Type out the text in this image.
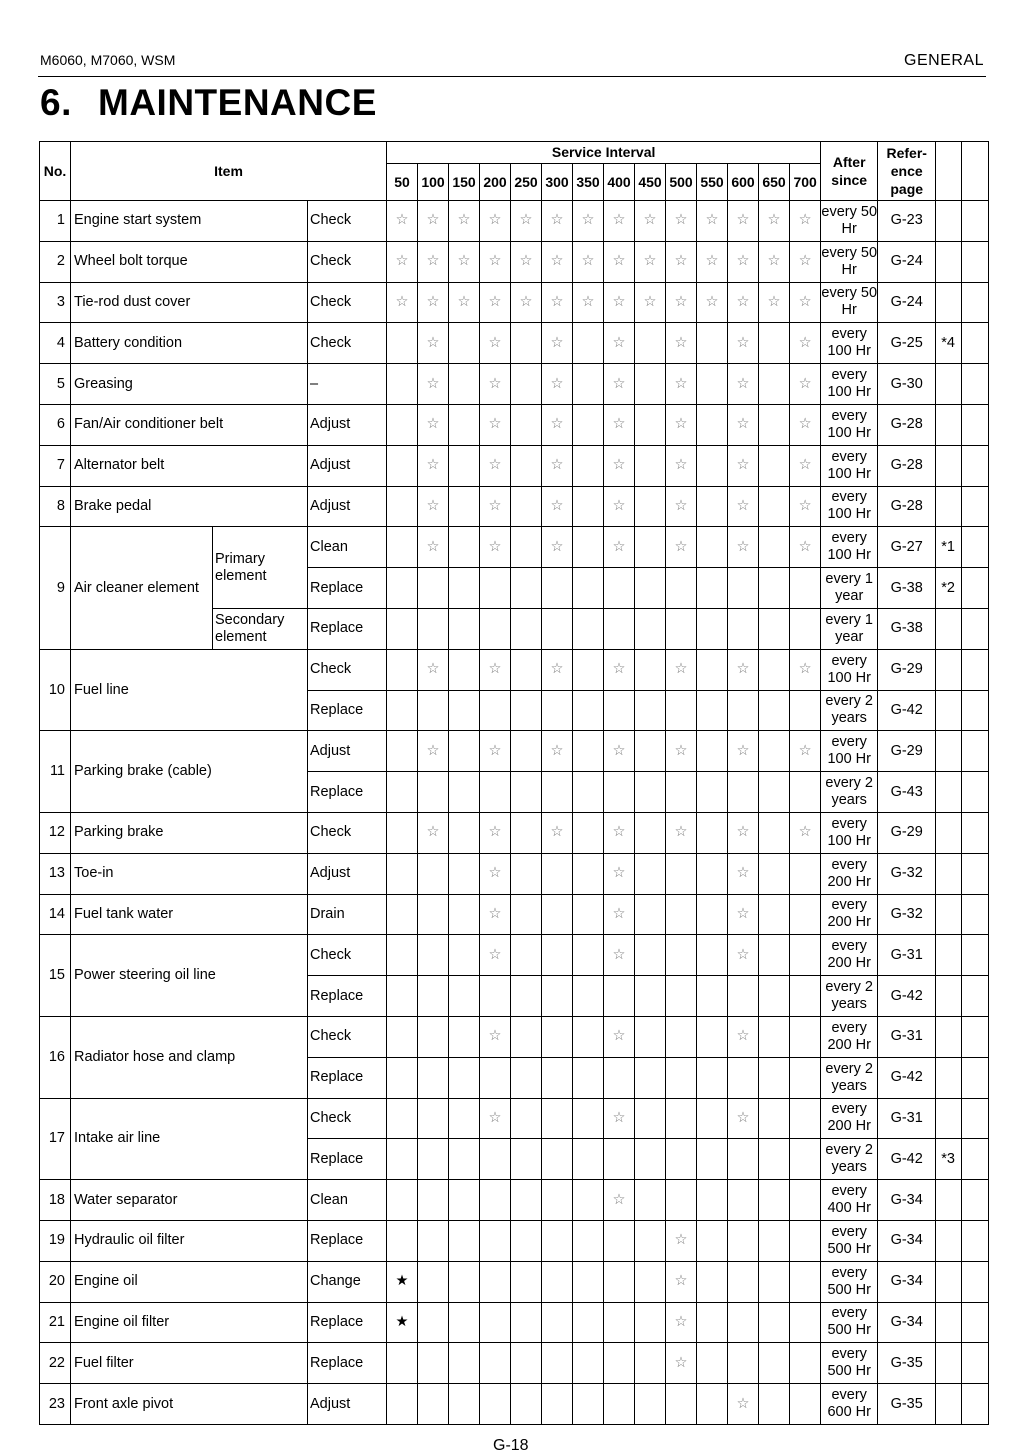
M6060, M7060, WSM	GENERAL
6. MAINTENANCE
No.	Item			Service Interval														After since	Refer- ence page		
				50	100	150	200	250	300	350	400	450	500	550	600	650	700				
1	Engine start system		Check	☆	☆	☆	☆	☆	☆	☆	☆	☆	☆	☆	☆	☆	☆	every 50 Hr	G-23		
2	Wheel bolt torque		Check	☆	☆	☆	☆	☆	☆	☆	☆	☆	☆	☆	☆	☆	☆	every 50 Hr	G-24		
3	Tie-rod dust cover		Check	☆	☆	☆	☆	☆	☆	☆	☆	☆	☆	☆	☆	☆	☆	every 50 Hr	G-24		
4	Battery condition		Check		☆		☆		☆		☆		☆		☆		☆	every 100 Hr	G-25	*4	
5	Greasing		–		☆		☆		☆		☆		☆		☆		☆	every 100 Hr	G-30		
6	Fan/Air conditioner belt		Adjust		☆		☆		☆		☆		☆		☆		☆	every 100 Hr	G-28		
7	Alternator belt		Adjust		☆		☆		☆		☆		☆		☆		☆	every 100 Hr	G-28		
8	Brake pedal		Adjust		☆		☆		☆		☆		☆		☆		☆	every 100 Hr	G-28		
9	Air cleaner element	Primary element	Clean		☆		☆		☆		☆		☆		☆		☆	every 100 Hr	G-27	*1	
			Replace															every 1 year	G-38	*2	
		Secondary element	Replace															every 1 year	G-38		
10	Fuel line		Check		☆		☆		☆		☆		☆		☆		☆	every 100 Hr	G-29		
			Replace															every 2 years	G-42		
11	Parking brake (cable)		Adjust		☆		☆		☆		☆		☆		☆		☆	every 100 Hr	G-29		
			Replace															every 2 years	G-43		
12	Parking brake		Check		☆		☆		☆		☆		☆		☆		☆	every 100 Hr	G-29		
13	Toe-in		Adjust				☆				☆				☆			every 200 Hr	G-32		
14	Fuel tank water		Drain				☆				☆				☆			every 200 Hr	G-32		
15	Power steering oil line		Check				☆				☆				☆			every 200 Hr	G-31		
			Replace															every 2 years	G-42		
16	Radiator hose and clamp		Check				☆				☆				☆			every 200 Hr	G-31		
			Replace															every 2 years	G-42		
17	Intake air line		Check				☆				☆				☆			every 200 Hr	G-31		
			Replace															every 2 years	G-42	*3	
18	Water separator		Clean								☆							every 400 Hr	G-34		
19	Hydraulic oil filter		Replace										☆					every 500 Hr	G-34		
20	Engine oil		Change	★									☆					every 500 Hr	G-34		
21	Engine oil filter		Replace	★									☆					every 500 Hr	G-34		
22	Fuel filter		Replace										☆					every 500 Hr	G-35		
23	Front axle pivot		Adjust												☆			every 600 Hr	G-35		
G-18
